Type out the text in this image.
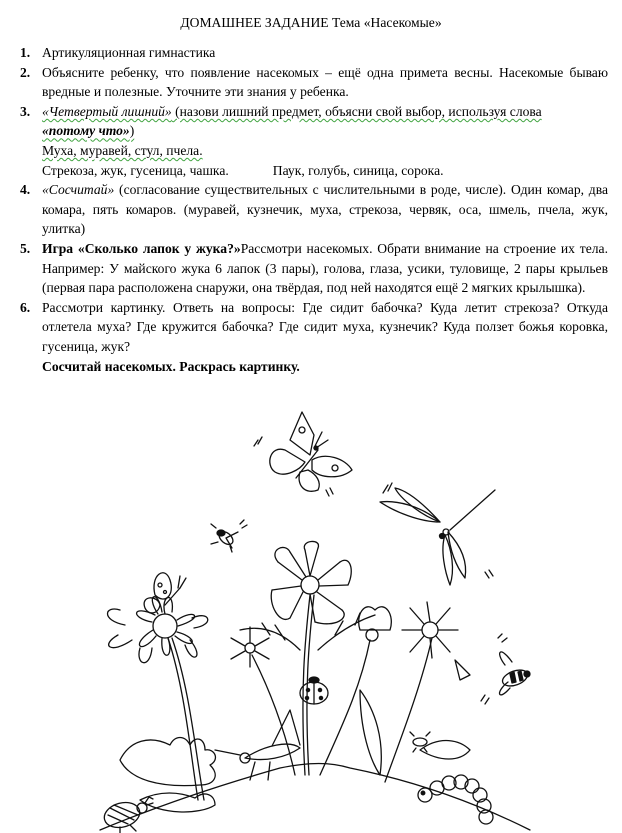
ДОМАШНЕЕ ЗАДАНИЕ Тема «Насекомые»
1. Артикуляционная гимнастика
2. Объясните ребенку, что появление насекомых – ещё одна примета весны. Насекомые бываю вредные и полезные. Уточните эти знания у ребенка.
3. «Четвертый лишний» (назови лишний предмет, объясни свой выбор, используя слова «потому что»)
Муха, муравей, стул, пчела.
Стрекоза, жук, гусеница, чашка.	Паук, голубь, синица, сорока.
4. «Сосчитай» (согласование существительных с числительными в роде, числе). Один комар, два комара, пять комаров. (муравей, кузнечик, муха, стрекоза, червяк, оса, шмель, пчела, жук, улитка)
5. Игра «Сколько лапок у жука?»Рассмотри насекомых. Обрати внимание на строение их тела. Например: У майского жука 6 лапок (3 пары), голова, глаза, усики, туловище, 2 пары крыльев (первая пара расположена снаружи, она твёрдая, под ней находятся ещё 2 мягких крылышка).
6. Рассмотри картинку. Ответь на вопросы: Где сидит бабочка? Куда летит стрекоза? Откуда отлетела муха? Где кружится бабочка? Где сидит муха, кузнечик? Куда ползет божья коровка, гусеница, жук?
Сосчитай насекомых. Раскрась картинку.
